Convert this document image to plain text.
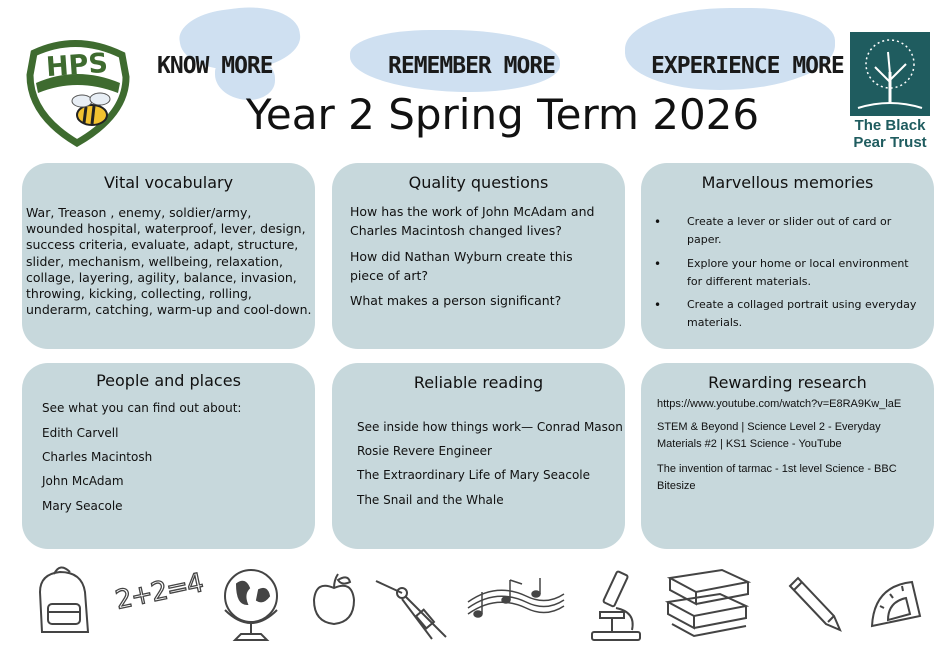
HPS KNOW MORE	REMEMBER MORE	EXPERIENCE MORE
Year 2 Spring Term 2026	The Black Pear Trust
Vital vocabulary
War, Treason , enemy, soldier/army, wounded hospital, waterproof, lever, design, success criteria, evaluate, adapt, structure, slider, mechanism, wellbeing, relaxation, collage, layering, agility, balance, invasion, throwing, kicking, collecting, rolling, underarm, catching, warm-up and cool-down.
Quality questions
How has the work of John McAdam and Charles Macintosh changed lives?
How did Nathan Wyburn create this piece of art?
What makes a person significant?
Marvellous memories
• Create a lever or slider out of card or paper.
• Explore your home or local environment for different materials.
• Create a collaged portrait using everyday materials.
People and places
See what you can find out about:
Edith Carvell
Charles Macintosh
John McAdam
Mary Seacole
Reliable reading
See inside how things work— Conrad Mason
Rosie Revere Engineer
The Extraordinary Life of Mary Seacole
The Snail and the Whale
Rewarding research
https://www.youtube.com/watch?v=E8RA9Kw_laE
STEM & Beyond | Science Level 2 - Everyday Materials #2 | KS1 Science - YouTube
The invention of tarmac - 1st level Science - BBC Bitesize
2+2=4
